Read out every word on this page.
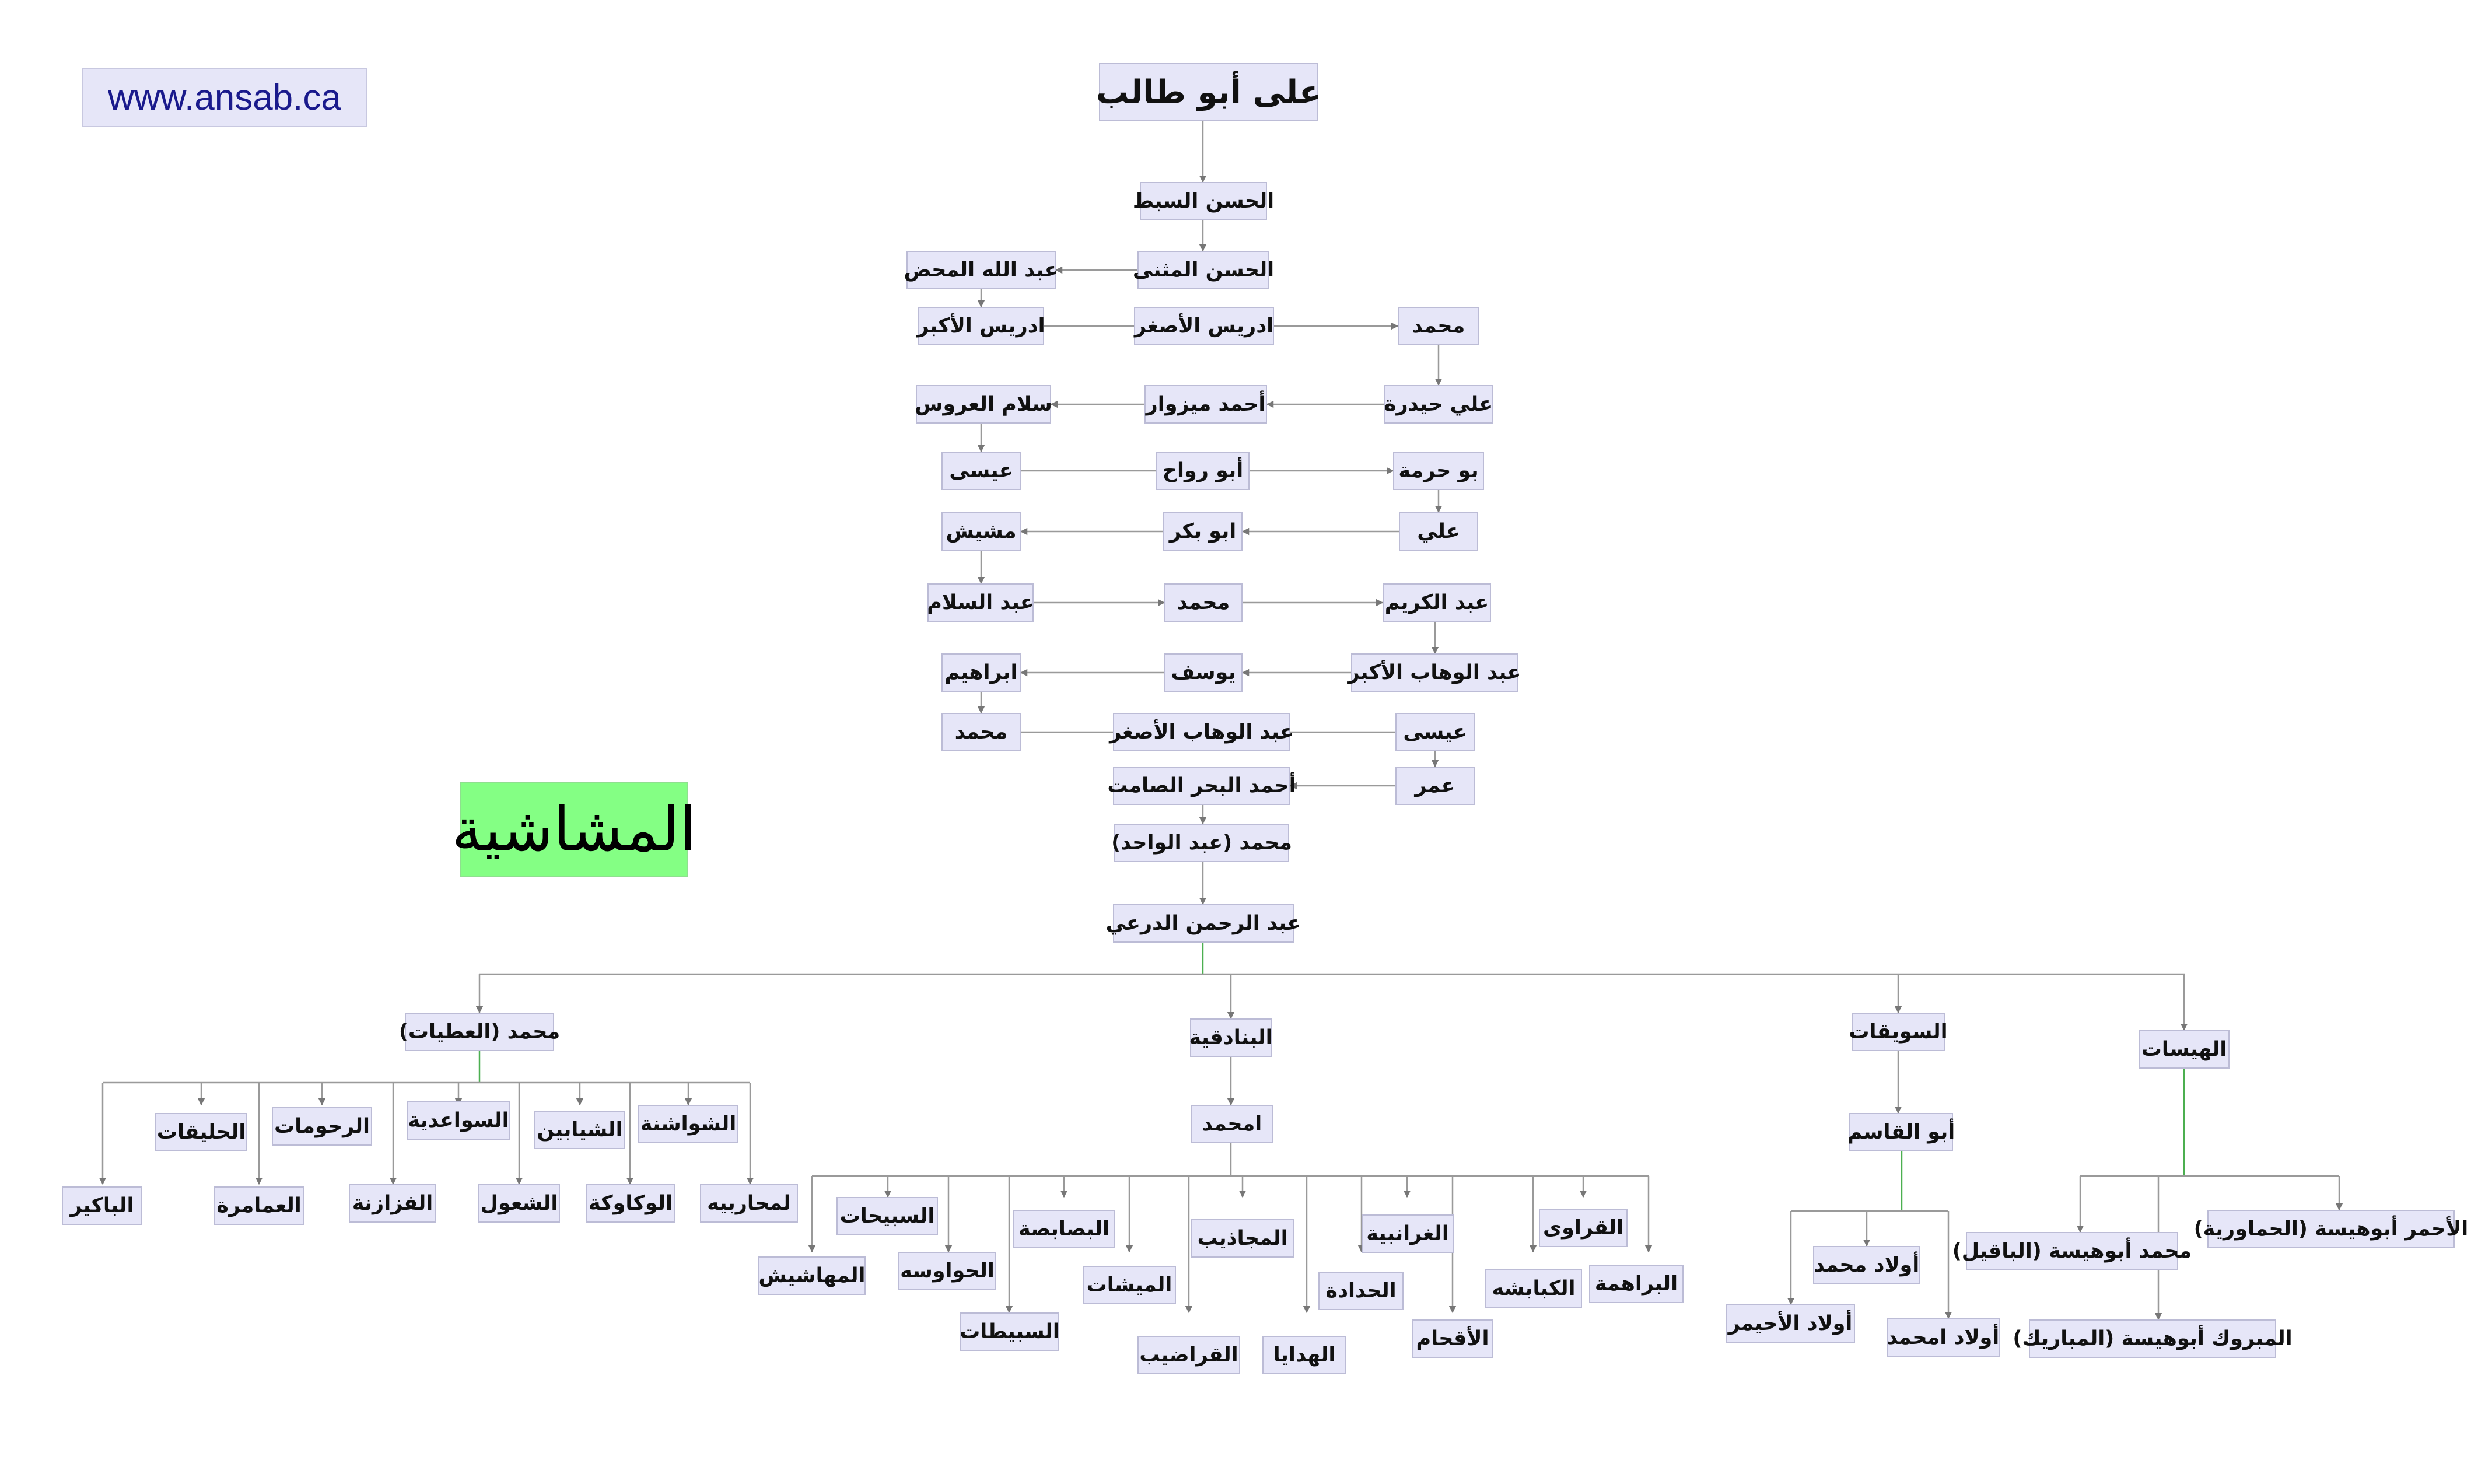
www.ansab.ca
المشاشية
على أبو طالب
الحسن السبط
الحسن المثنى
عبد الله المحض
ادريس الأكبر	ادريس الأصغر	محمد
علي حيدرة
أحمد ميزوار
سلام العروس
بو حرمة
أبو رواح
عيسى
علي
ابو بكر
مشيش
عبد الكريم
محمد
عبد السلام
عبد الوهاب الأكبر
يوسف
ابراهيم
عيسى
عبد الوهاب الأصغر
محمد
عمر
أحمد البحر الصامت
محمد (عبد الواحد)
عبد الرحمن الدرعي
محمد (العطيات)	البنادقية	السويقات
الهيسات
امحمد	أبو القاسم
الحليقات الرحومات السواعدية الشيابين الشواشنة
الباكير	العمامرة الفزازنة الشعول الوكاوكة	لمحاربيه
السبيحات
المهاشيش الحواوسه
السبيطات
البصابصة
الميشات
القراضيب
المجاذيب
الهدايا
الغرانبية
الحدادة
الأقحام
القراوى
الكبابشه البراهمة
أولاد محمد
أولاد الأحيمر
أولاد امحمد
الأحمر أبوهيسة (الحماورية)
محمد أبوهيسة (الباقيل)
المبروك أبوهيسة (المباريك)
